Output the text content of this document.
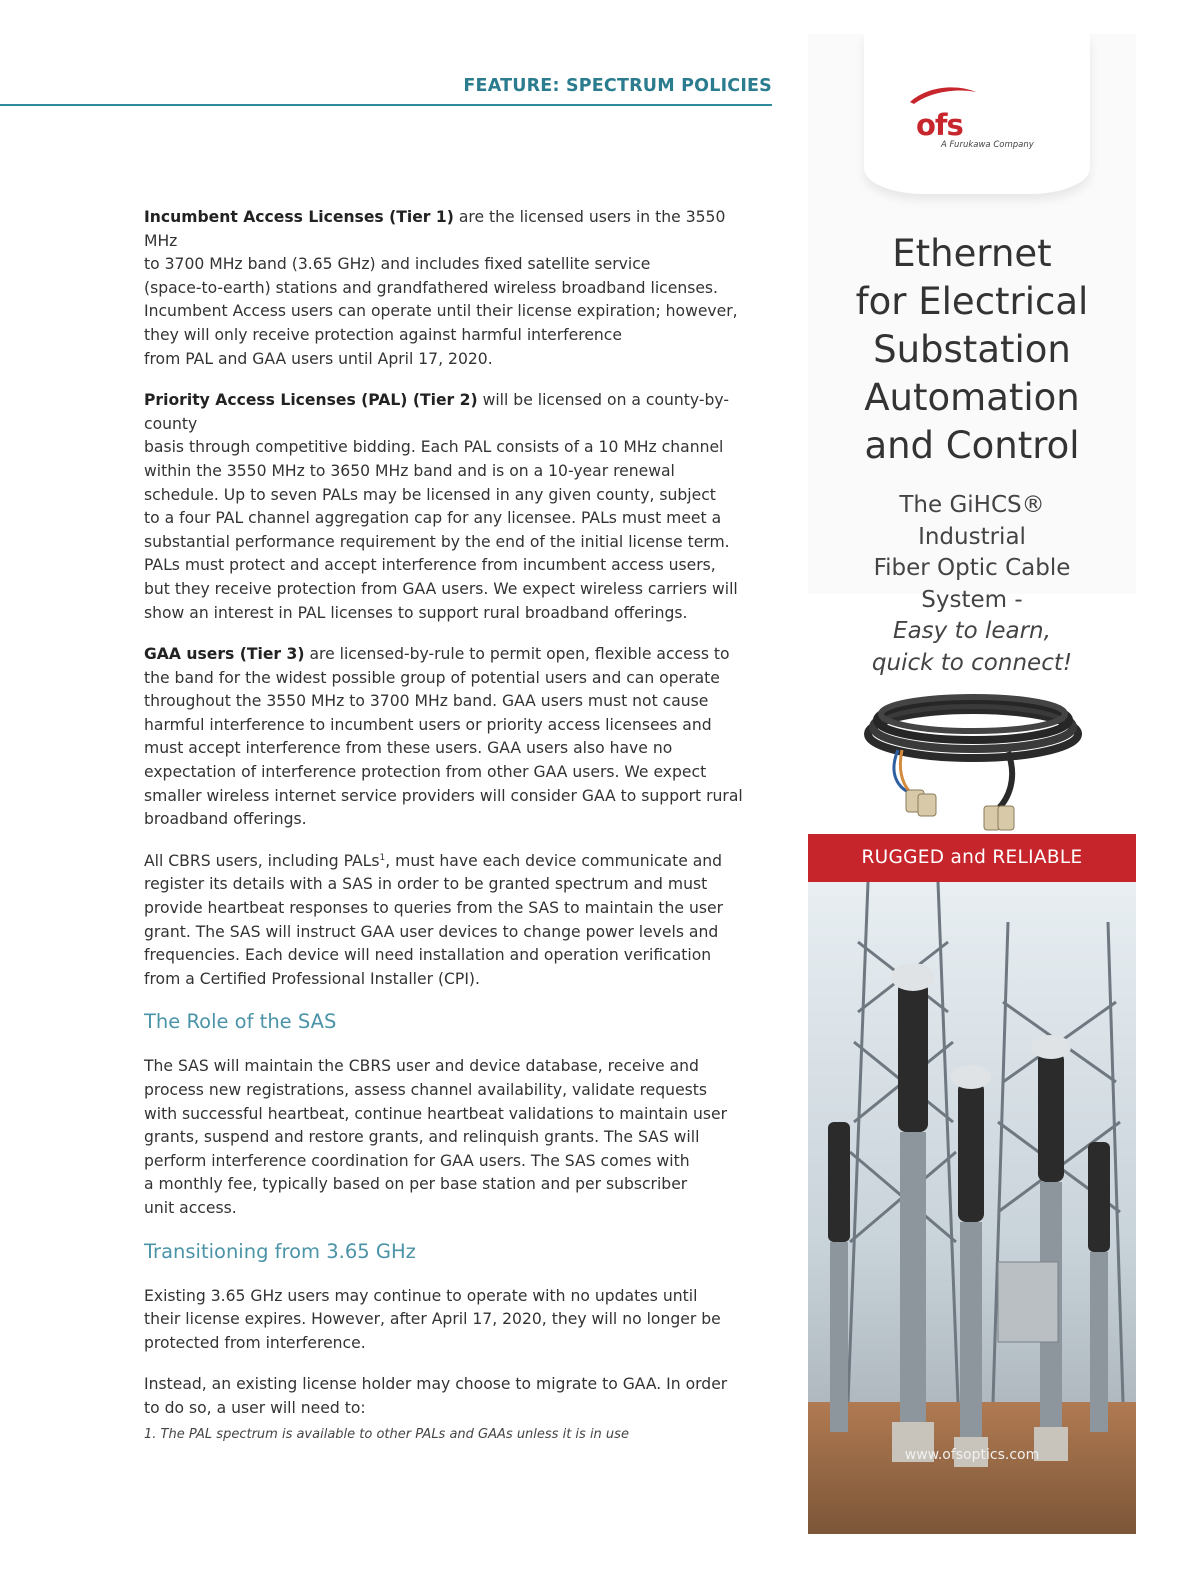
FEATURE: SPECTRUM POLICIES

Incumbent Access Licenses (Tier 1) are the licensed users in the 3550 MHz
to 3700 MHz band (3.65 GHz) and includes fixed satellite service
(space-to-earth) stations and grandfathered wireless broadband licenses.
Incumbent Access users can operate until their license expiration; however,
they will only receive protection against harmful interference
from PAL and GAA users until April 17, 2020.

Priority Access Licenses (PAL) (Tier 2) will be licensed on a county-by-county
basis through competitive bidding. Each PAL consists of a 10 MHz channel
within the 3550 MHz to 3650 MHz band and is on a 10-year renewal
schedule. Up to seven PALs may be licensed in any given county, subject
to a four PAL channel aggregation cap for any licensee. PALs must meet a
substantial performance requirement by the end of the initial license term.
PALs must protect and accept interference from incumbent access users,
but they receive protection from GAA users. We expect wireless carriers will
show an interest in PAL licenses to support rural broadband offerings.

GAA users (Tier 3) are licensed-by-rule to permit open, flexible access to
the band for the widest possible group of potential users and can operate
throughout the 3550 MHz to 3700 MHz band. GAA users must not cause
harmful interference to incumbent users or priority access licensees and
must accept interference from these users. GAA users also have no
expectation of interference protection from other GAA users. We expect
smaller wireless internet service providers will consider GAA to support rural
broadband offerings.

All CBRS users, including PALs$^1$, must have each device communicate and
register its details with a SAS in order to be granted spectrum and must
provide heartbeat responses to queries from the SAS to maintain the user
grant. The SAS will instruct GAA user devices to change power levels and
frequencies. Each device will need installation and operation verification
from a Certified Professional Installer (CPI).

The Role of the SAS

The SAS will maintain the CBRS user and device database, receive and
process new registrations, assess channel availability, validate requests
with successful heartbeat, continue heartbeat validations to maintain user
grants, suspend and restore grants, and relinquish grants. The SAS will
perform interference coordination for GAA users. The SAS comes with
a monthly fee, typically based on per base station and per subscriber
unit access.

Transitioning from 3.65 GHz

Existing 3.65 GHz users may continue to operate with no updates until
their license expires. However, after April 17, 2020, they will no longer be
protected from interference.

Instead, an existing license holder may choose to migrate to GAA. In order
to do so, a user will need to:

1. The PAL spectrum is available to other PALs and GAAs unless it is in use
ofs
A Furukawa Company
Ethernet
for Electrical
Substation
Automation
and Control
The GiHCS®
Industrial
Fiber Optic Cable
System -
Easy to learn,
quick to connect!
RUGGED and RELIABLE
www.ofsoptics.com
